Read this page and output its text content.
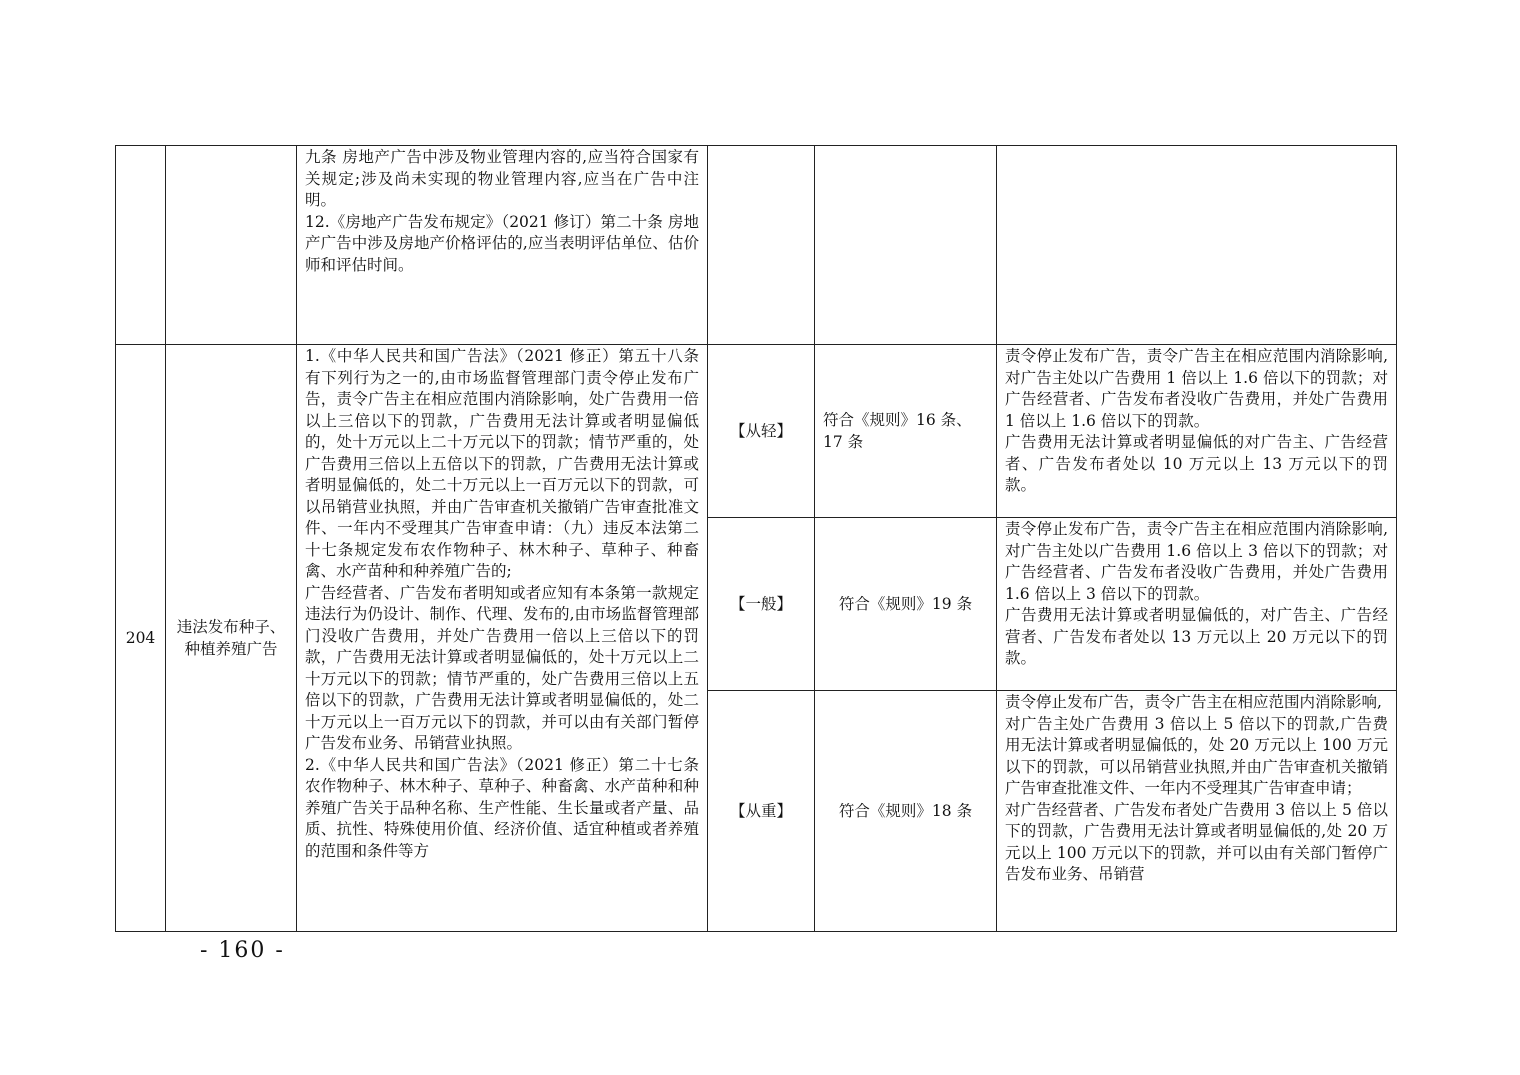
		九条 房地产广告中涉及物业管理内容的,应当符合国家有关规定;涉及尚未实现的物业管理内容,应当在广告中注明。
12.《房地产广告发布规定》（2021 修订）第二十条 房地产广告中涉及房地产价格评估的,应当表明评估单位、估价师和评估时间。			

204	违法发布种子、种植养殖广告	1.《中华人民共和国广告法》（2021 修正）第五十八条 有下列行为之一的,由市场监督管理部门责令停止发布广告，责令广告主在相应范围内消除影响，处广告费用一倍以上三倍以下的罚款，广告费用无法计算或者明显偏低的，处十万元以上二十万元以下的罚款；情节严重的，处广告费用三倍以上五倍以下的罚款，广告费用无法计算或者明显偏低的，处二十万元以上一百万元以下的罚款，可以吊销营业执照，并由广告审查机关撤销广告审查批准文件、一年内不受理其广告审查申请：（九）违反本法第二十七条规定发布农作物种子、林木种子、草种子、种畜禽、水产苗种和种养殖广告的;
广告经营者、广告发布者明知或者应知有本条第一款规定违法行为仍设计、制作、代理、发布的,由市场监督管理部门没收广告费用，并处广告费用一倍以上三倍以下的罚款，广告费用无法计算或者明显偏低的，处十万元以上二十万元以下的罚款；情节严重的，处广告费用三倍以上五倍以下的罚款，广告费用无法计算或者明显偏低的，处二十万元以上一百万元以下的罚款，并可以由有关部门暂停广告发布业务、吊销营业执照。
2.《中华人民共和国广告法》（2021 修正）第二十七条 农作物种子、林木种子、草种子、种畜禽、水产苗种和种养殖广告关于品种名称、生产性能、生长量或者产量、品质、抗性、特殊使用价值、经济价值、适宜种植或者养殖的范围和条件等方	【从轻】	符合《规则》16 条、17 条	责令停止发布广告，责令广告主在相应范围内消除影响,对广告主处以广告费用 1 倍以上 1.6 倍以下的罚款；对广告经营者、广告发布者没收广告费用，并处广告费用 1 倍以上 1.6 倍以下的罚款。
广告费用无法计算或者明显偏低的对广告主、广告经营者、广告发布者处以 10 万元以上 13 万元以下的罚款。

			【一般】	符合《规则》19 条	责令停止发布广告，责令广告主在相应范围内消除影响,对广告主处以广告费用 1.6 倍以上 3 倍以下的罚款；对广告经营者、广告发布者没收广告费用，并处广告费用 1.6 倍以上 3 倍以下的罚款。
广告费用无法计算或者明显偏低的，对广告主、广告经营者、广告发布者处以 13 万元以上 20 万元以下的罚款。

			【从重】	符合《规则》18 条	责令停止发布广告，责令广告主在相应范围内消除影响,
对广告主处广告费用 3 倍以上 5 倍以下的罚款,广告费用无法计算或者明显偏低的，处 20 万元以上 100 万元以下的罚款，可以吊销营业执照,并由广告审查机关撤销广告审查批准文件、一年内不受理其广告审查申请；
对广告经营者、广告发布者处广告费用 3 倍以上 5 倍以下的罚款，广告费用无法计算或者明显偏低的,处 20 万元以上 100 万元以下的罚款，并可以由有关部门暂停广告发布业务、吊销营
- 160 -
